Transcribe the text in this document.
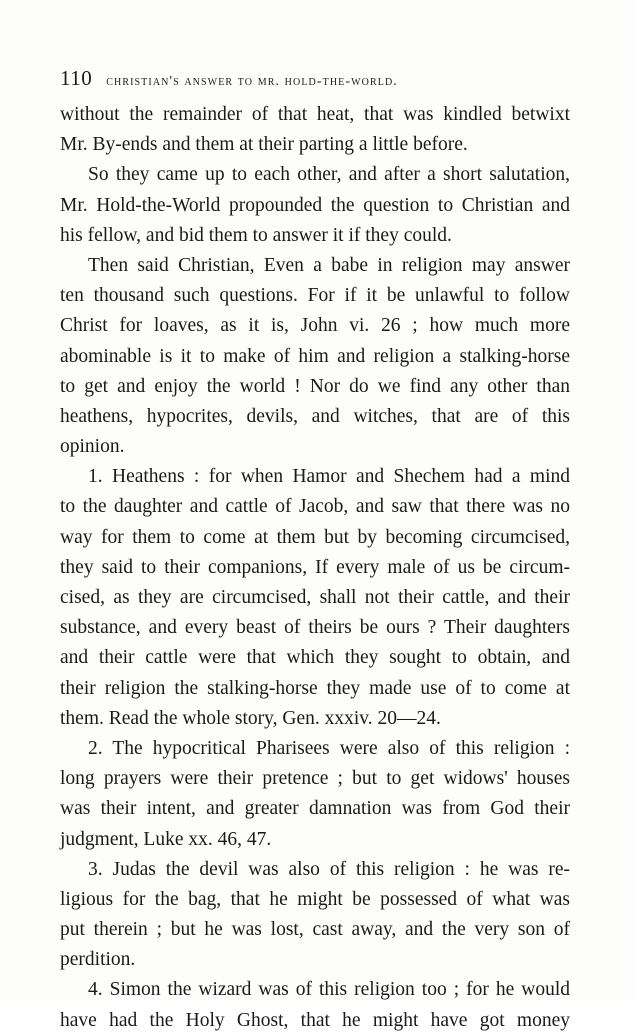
110 christian's answer to mr. hold-the-world.
without the remainder of that heat, that was kindled betwixt
Mr. By-ends and them at their parting a little before.
So they came up to each other, and after a short salutation,
Mr. Hold-the-World propounded the question to Christian and
his fellow, and bid them to answer it if they could.
Then said Christian, Even a babe in religion may answer
ten thousand such questions. For if it be unlawful to follow
Christ for loaves, as it is, John vi. 26 ; how much more
abominable is it to make of him and religion a stalking-horse
to get and enjoy the world ! Nor do we find any other than
heathens, hypocrites, devils, and witches, that are of this
opinion.
1. Heathens : for when Hamor and Shechem had a mind
to the daughter and cattle of Jacob, and saw that there was no
way for them to come at them but by becoming circumcised,
they said to their companions, If every male of us be circum-
cised, as they are circumcised, shall not their cattle, and their
substance, and every beast of theirs be ours ? Their daughters
and their cattle were that which they sought to obtain, and
their religion the stalking-horse they made use of to come at
them. Read the whole story, Gen. xxxiv. 20—24.
2. The hypocritical Pharisees were also of this religion :
long prayers were their pretence ; but to get widows' houses
was their intent, and greater damnation was from God their
judgment, Luke xx. 46, 47.
3. Judas the devil was also of this religion : he was re-
ligious for the bag, that he might be possessed of what was
put therein ; but he was lost, cast away, and the very son of
perdition.
4. Simon the wizard was of this religion too ; for he would
have had the Holy Ghost, that he might have got money
